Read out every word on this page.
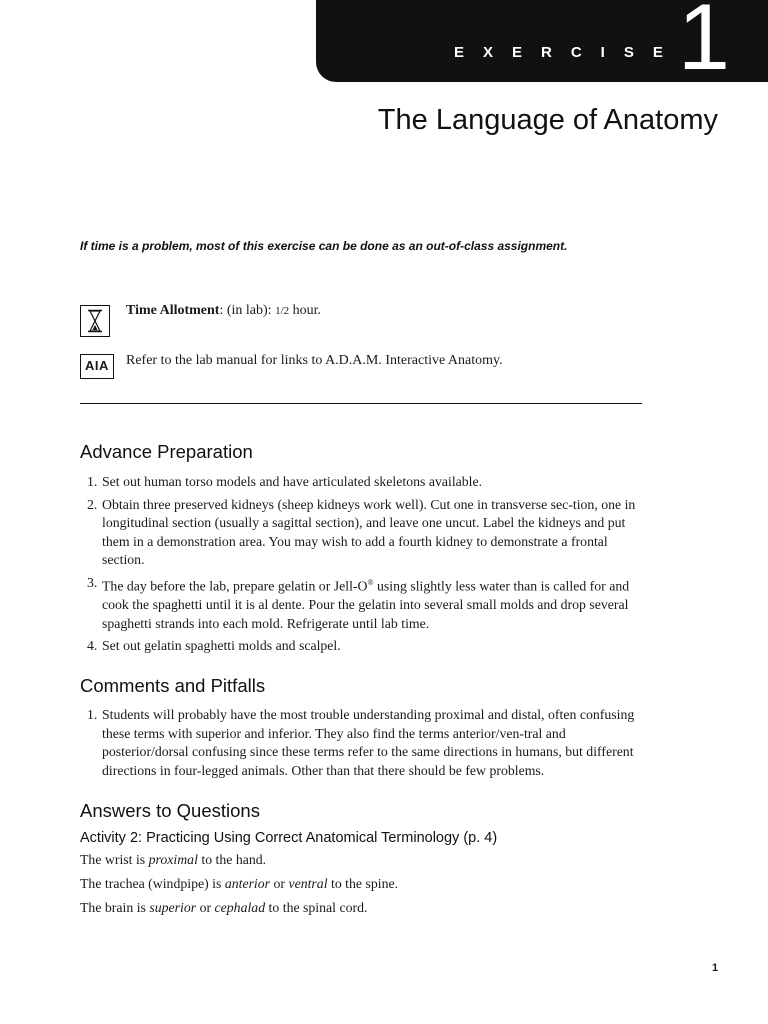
EXERCISE
1
The Language of Anatomy

If time is a problem, most of this exercise can be done as an out-of-class assignment.

Time Allotment: (in lab): 1/2 hour.

AIA	Refer to the lab manual for links to A.D.A.M. Interactive Anatomy.

Advance Preparation
1. Set out human torso models and have articulated skeletons available.
2. Obtain three preserved kidneys (sheep kidneys work well). Cut one in transverse sec-tion, one in longitudinal section (usually a sagittal section), and leave one uncut. Label the kidneys and put them in a demonstration area. You may wish to add a fourth kidney to demonstrate a frontal section.
3. The day before the lab, prepare gelatin or Jell-O® using slightly less water than is called for and cook the spaghetti until it is al dente. Pour the gelatin into several small molds and drop several spaghetti strands into each mold. Refrigerate until lab time.
4. Set out gelatin spaghetti molds and scalpel.
Comments and Pitfalls
1. Students will probably have the most trouble understanding proximal and distal, often confusing these terms with superior and inferior. They also find the terms anterior/ven-tral and posterior/dorsal confusing since these terms refer to the same directions in humans, but different directions in four-legged animals. Other than that there should be few problems.
Answers to Questions
Activity 2: Practicing Using Correct Anatomical Terminology (p. 4)

The wrist is proximal to the hand.

The trachea (windpipe) is anterior or ventral to the spine.

The brain is superior or cephalad to the spinal cord.

1
